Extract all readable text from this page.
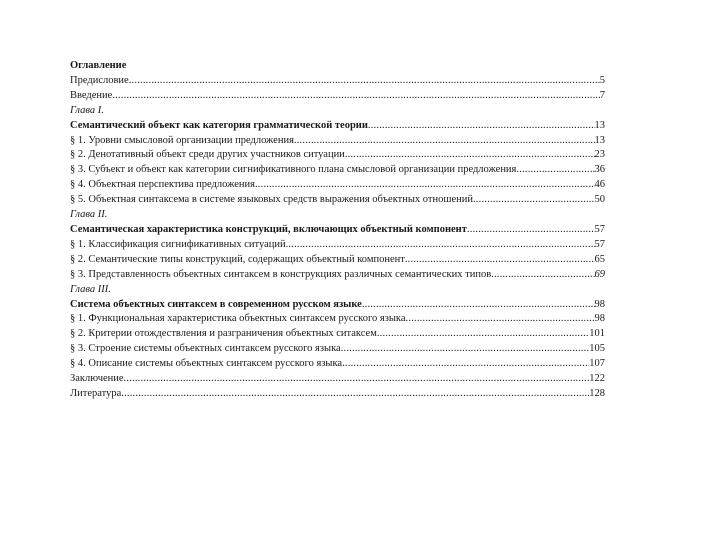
Оглавление
Предисловие .....	5
Введение .....	7
Глава I.
Семантический объект как категория грамматической теории .....	13
§ 1. Уровни смысловой организации предложения .....	13
§ 2. Денотативный объект среди других участников ситуации .....	23
§ 3. Субъект и объект как категории сигнификативного плана смысловой организации предложения .....	36
§ 4. Объектная перспектива предложения .....	46
§ 5. Объектная синтаксема в системе языковых средств выражения объектных отношений .....	50
Глава II.
Семантическая характеристика конструкций, включающих объектный компонент .....	57
§ 1. Классификация сигнификативных ситуаций .....	57
§ 2. Семантические типы конструкций, содержащих объектный компонент .....	65
§ 3. Представленность объектных синтаксем в конструкциях различных семантических типов .....	69
Глава III.
Система объектных синтаксем в современном русском языке .....	98
§ 1. Функциональная характеристика объектных синтаксем русского языка .....	98
§ 2. Критерии отождествления и разграничения объектных ситаксем .....	101
§ 3. Строение системы объектных синтаксем русского языка .....	105
§ 4. Описание системы объектных синтаксем русского языка .....	107
Заключение .....	122
Литература .....	128
